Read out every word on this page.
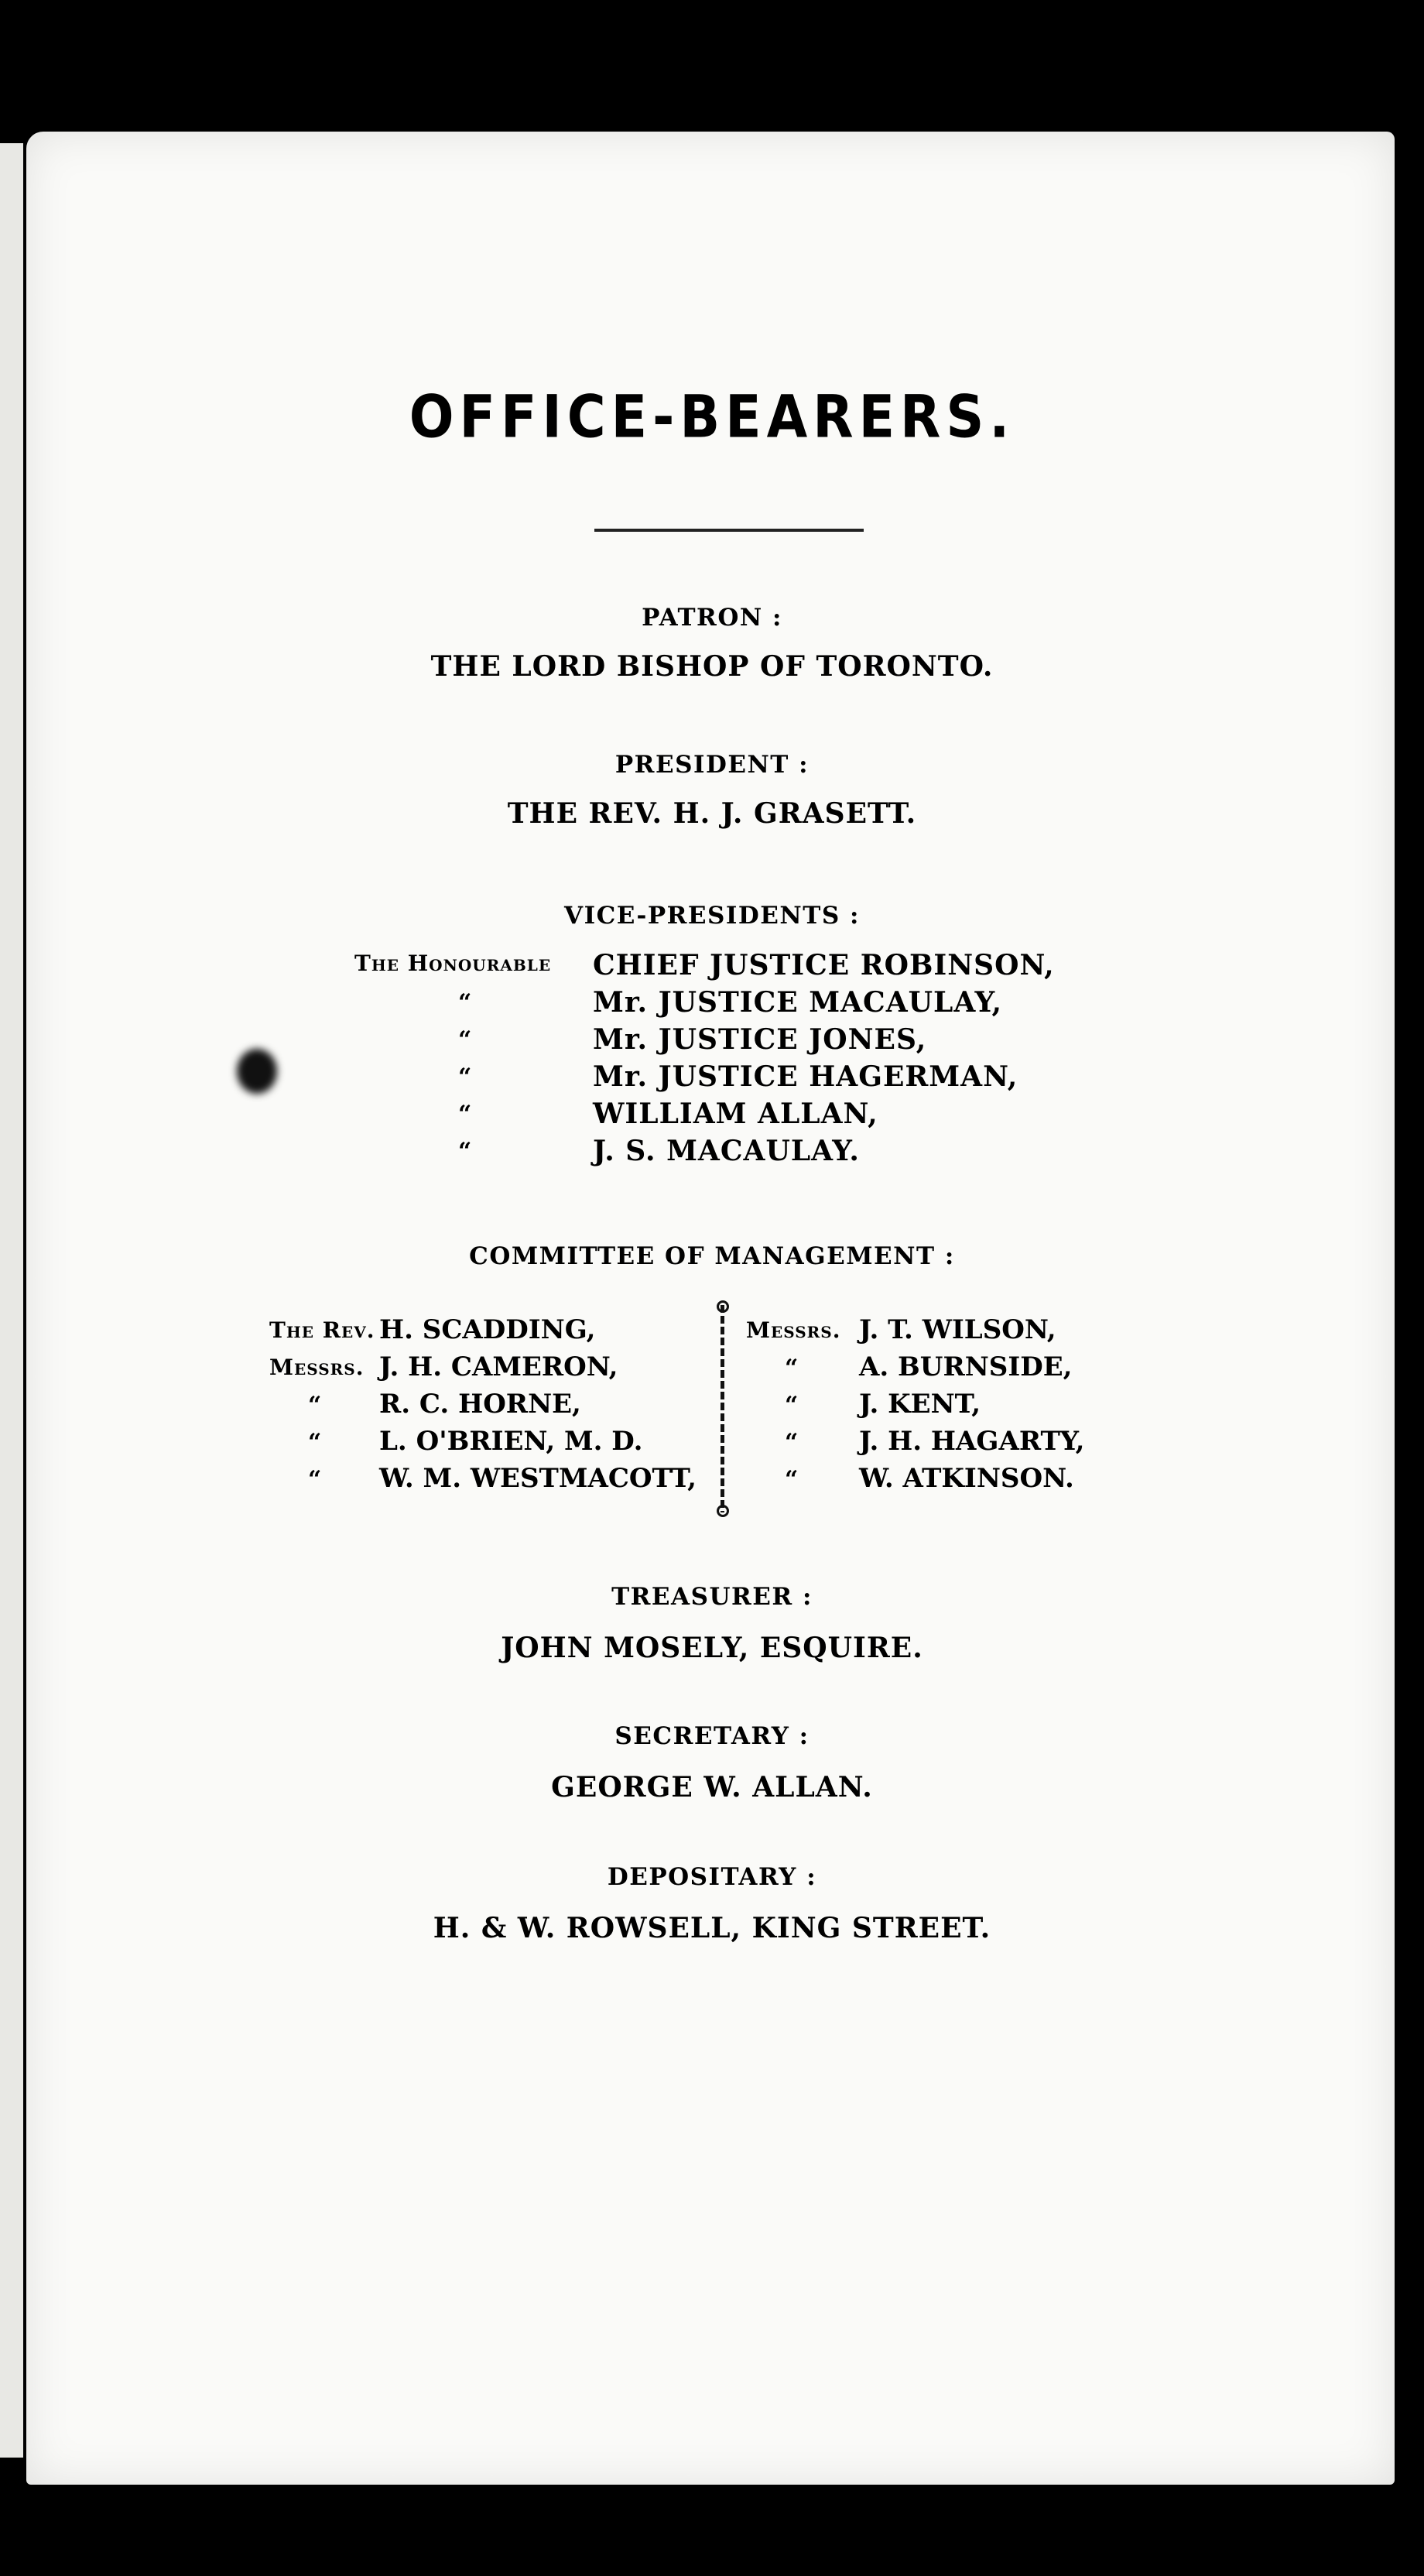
OFFICE-BEARERS.
PATRON :
THE LORD BISHOP OF TORONTO.
PRESIDENT :
THE REV. H. J. GRASETT.
VICE-PRESIDENTS :
The Honourable
“
“
“
“
“
CHIEF JUSTICE ROBINSON,
Mr. JUSTICE MACAULAY,
Mr. JUSTICE JONES,
Mr. JUSTICE HAGERMAN,
WILLIAM ALLAN,
J. S. MACAULAY.
COMMITTEE OF MANAGEMENT :
The Rev.
Messrs.
“
“
“
H. SCADDING,
J. H. CAMERON,
R. C. HORNE,
L. O'BRIEN, M. D.
W. M. WESTMACOTT,
Messrs.
“
“
“
“
J. T. WILSON,
A. BURNSIDE,
J. KENT,
J. H. HAGARTY,
W. ATKINSON.
TREASURER :
JOHN MOSELY, ESQUIRE.
SECRETARY :
GEORGE W. ALLAN.
DEPOSITARY :
H. & W. ROWSELL, KING STREET.
